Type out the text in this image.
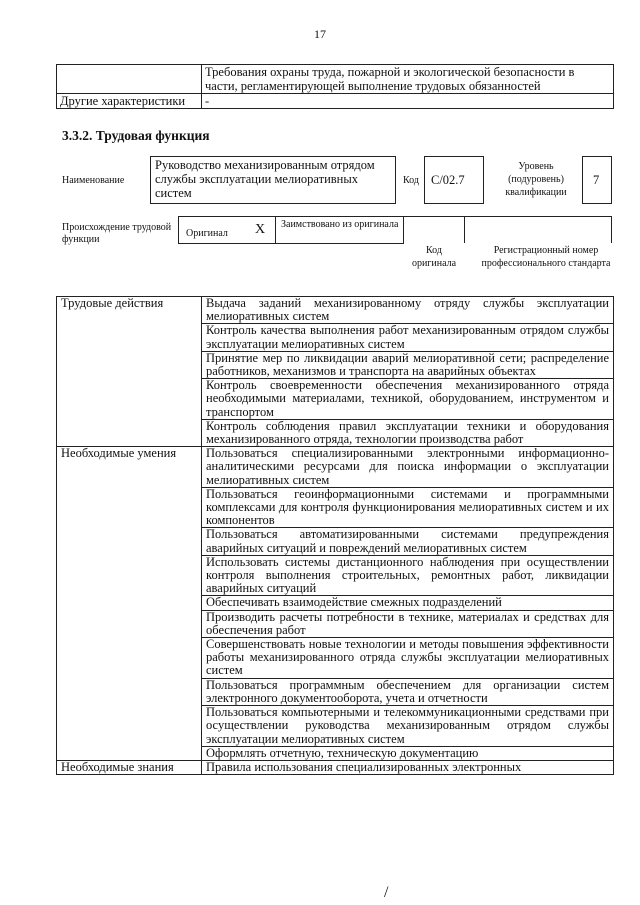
17
	Требования охраны труда, пожарной и экологической безопасности в части, регламентирующей выполнение трудовых обязанностей
Другие характеристики	-
3.3.2. Трудовая функция
Наименование
Руководство механизированным отрядом службы эксплуатации мелиоративных систем
Код C/02.7
Уровень (подуровень) квалификации
7
Происхождение трудовой функции
Оригинал X Заимствовано из оригинала
Код оригинала
Регистрационный номер профессионального стандарта
Трудовые действия	Выдача заданий механизированному отряду службы эксплуатации мелиоративных систем
	Контроль качества выполнения работ механизированным отрядом службы эксплуатации мелиоративных систем
	Принятие мер по ликвидации аварий мелиоративной сети; распределение работников, механизмов и транспорта на аварийных объектах
	Контроль своевременности обеспечения механизированного отряда необходимыми материалами, техникой, оборудованием, инструментом и транспортом
	Контроль соблюдения правил эксплуатации техники и оборудования механизированного отряда, технологии производства работ
Необходимые умения	Пользоваться специализированными электронными информационно-аналитическими ресурсами для поиска информации о эксплуатации мелиоративных систем
	Пользоваться геоинформационными системами и программными комплексами для контроля функционирования мелиоративных систем и их компонентов
	Пользоваться автоматизированными системами предупреждения аварийных ситуаций и повреждений мелиоративных систем
	Использовать системы дистанционного наблюдения при осуществлении контроля выполнения строительных, ремонтных работ, ликвидации аварийных ситуаций
	Обеспечивать взаимодействие смежных подразделений
	Производить расчеты потребности в технике, материалах и средствах для обеспечения работ
	Совершенствовать новые технологии и методы повышения эффективности работы механизированного отряда службы эксплуатации мелиоративных систем
	Пользоваться программным обеспечением для организации систем электронного документооборота, учета и отчетности
	Пользоваться компьютерными и телекоммуникационными средствами при осуществлении руководства механизированным отрядом службы эксплуатации мелиоративных систем
	Оформлять отчетную, техническую документацию
Необходимые знания	Правила использования специализированных электронных
/
